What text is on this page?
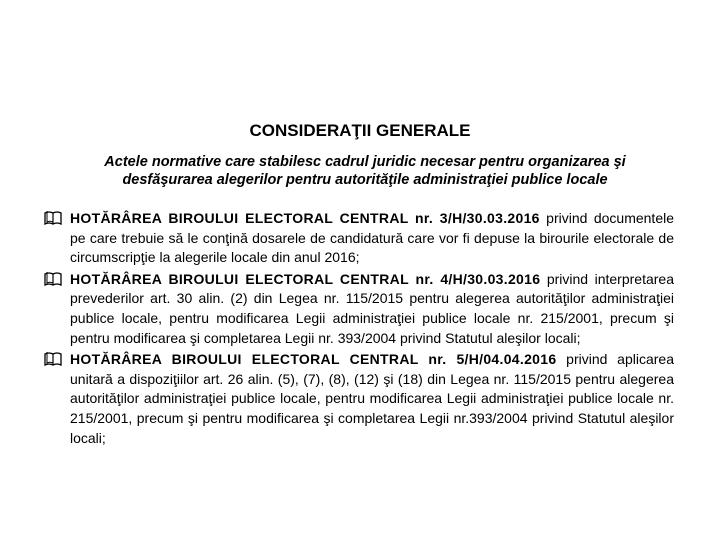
CONSIDERAŢII GENERALE
Actele normative care stabilesc cadrul juridic necesar pentru organizarea şi desfăşurarea alegerilor pentru autorităţile administraţiei publice locale
HOTĂRÂREA BIROULUI ELECTORAL CENTRAL nr. 3/H/30.03.2016 privind documentele pe care trebuie să le conţină dosarele de candidatură care vor fi depuse la birourile electorale de circumscripţie la alegerile locale din anul 2016;
HOTĂRÂREA BIROULUI ELECTORAL CENTRAL nr. 4/H/30.03.2016 privind interpretarea prevederilor art. 30 alin. (2) din Legea nr. 115/2015 pentru alegerea autorităţilor administraţiei publice locale, pentru modificarea Legii administraţiei publice locale nr. 215/2001, precum şi pentru modificarea şi completarea Legii nr. 393/2004 privind Statutul aleşilor locali;
HOTĂRÂREA BIROULUI ELECTORAL CENTRAL nr. 5/H/04.04.2016 privind aplicarea unitară a dispoziţiilor art. 26 alin. (5), (7), (8), (12) şi (18) din Legea nr. 115/2015 pentru alegerea autorităţilor administraţiei publice locale, pentru modificarea Legii administraţiei publice locale nr. 215/2001, precum şi pentru modificarea şi completarea Legii nr.393/2004 privind Statutul aleşilor locali;
